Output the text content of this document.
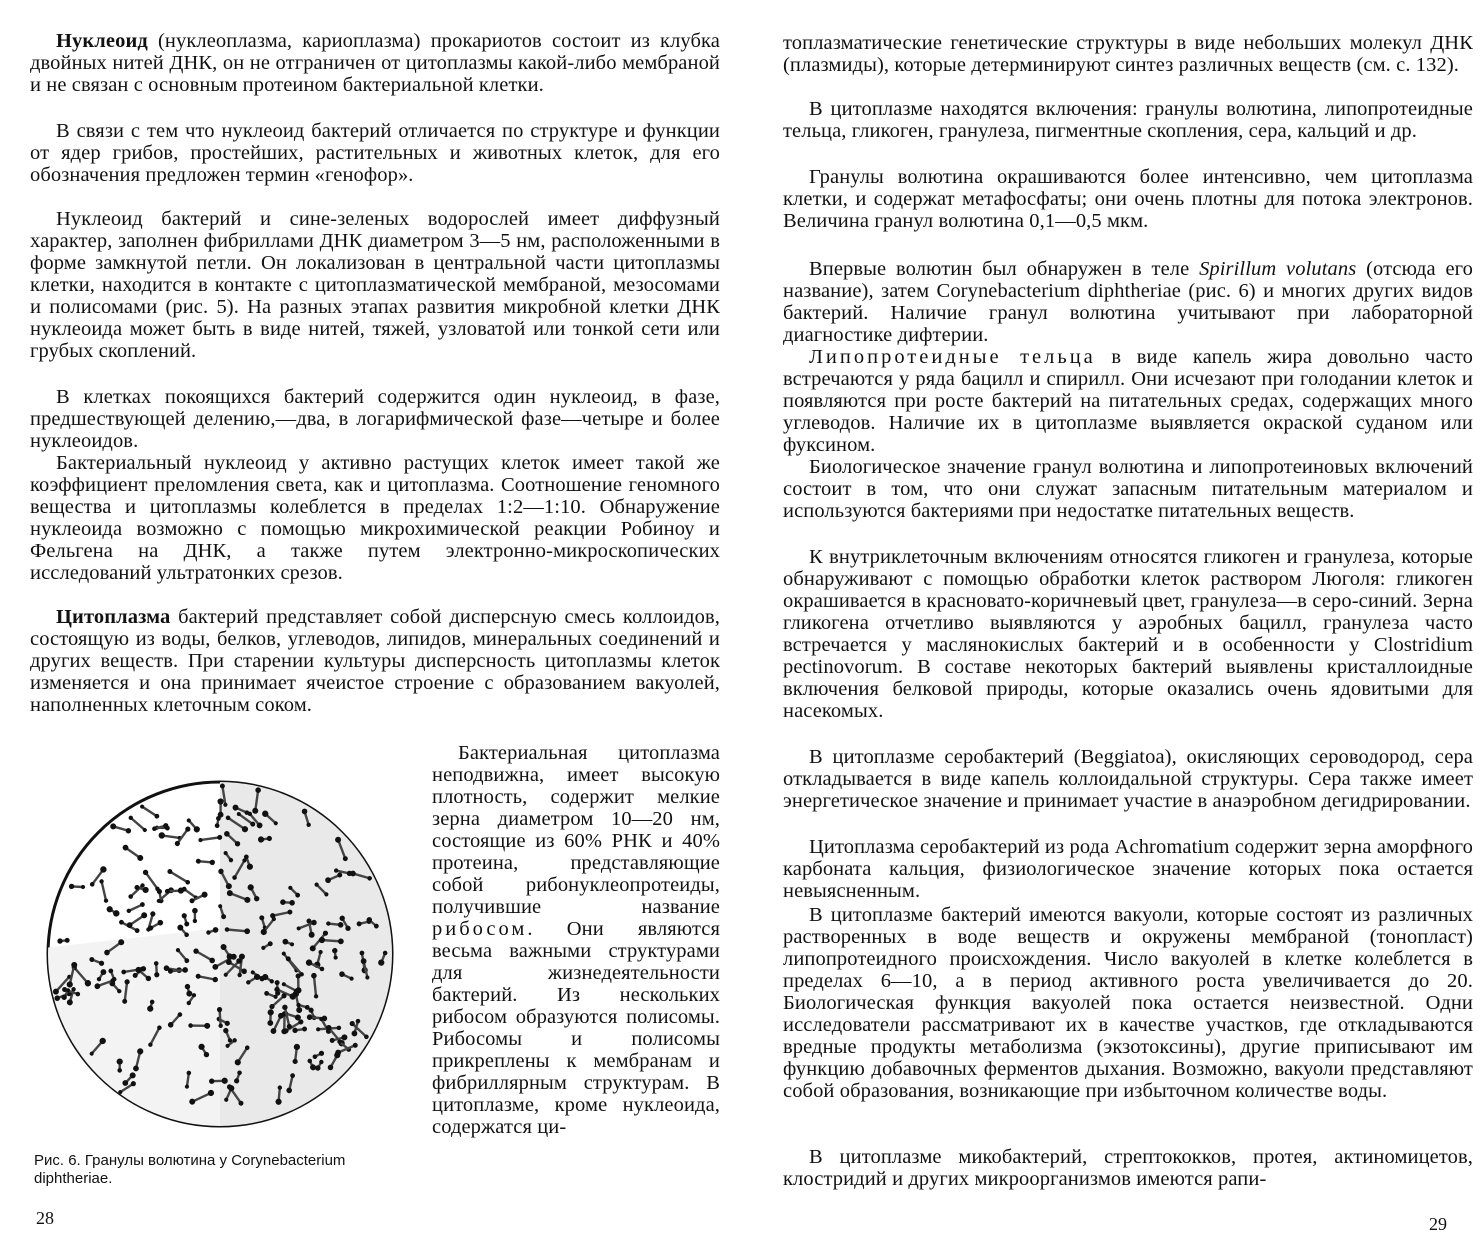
Нуклеоид (нуклеоплазма, кариоплазма) прокариотов состоит из клубка двойных нитей ДНК, он не отграничен от цитоплазмы какой-либо мембраной и не связан с основным протеином бактериальной клетки.

В связи с тем что нуклеоид бактерий отличается по структуре и функции от ядер грибов, простейших, растительных и животных клеток, для его обозначения предложен термин «генофор».

Нуклеоид бактерий и сине-зеленых водорослей имеет диффузный характер, заполнен фибриллами ДНК диаметром 3—5 нм, расположенными в форме замкнутой петли. Он локализован в центральной части цитоплазмы клетки, находится в контакте с цитоплазматической мембраной, мезосомами и полисомами (рис. 5). На разных этапах развития микробной клетки ДНК нуклеоида может быть в виде нитей, тяжей, узловатой или тонкой сети или грубых скоплений.

В клетках покоящихся бактерий содержится один нуклеоид, в фазе, предшествующей делению,—два, в логарифмической фазе—четыре и более нуклеоидов.

Бактериальный нуклеоид у активно растущих клеток имеет такой же коэффициент преломления света, как и цитоплазма. Соотношение геномного вещества и цитоплазмы колеблется в пределах 1:2—1:10. Обнаружение нуклеоида возможно с помощью микрохимической реакции Робиноу и Фельгена на ДНК, а также путем электронно-микроскопических исследований ультратонких срезов.

Цитоплазма бактерий представляет собой дисперсную смесь коллоидов, состоящую из воды, белков, углеводов, липидов, минеральных соединений и других веществ. При старении культуры дисперсность цитоплазмы клеток изменяется и она принимает ячеистое строение с образованием вакуолей, наполненных клеточным соком.

Бактериальная цитоплазма неподвижна, имеет высокую плотность, содержит мелкие зерна диаметром 10—20 нм, состоящие из 60% РНК и 40% протеина, представляющие собой рибонуклеопротеиды, получившие название рибосом. Они являются весьма важными структурами для жизнедеятельности бактерий. Из нескольких рибосом образуются полисомы. Рибосомы и полисомы прикреплены к мембранам и фибриллярным структурам. В цитоплазме, кроме нуклеоида, содержатся ци-

Рис. 6. Гранулы волютина у Corynebacterium diphtheriae.
28

топлазматические генетические структуры в виде небольших молекул ДНК (плазмиды), которые детерминируют синтез различных веществ (см. с. 132).

В цитоплазме находятся включения: гранулы волютина, липопротеидные тельца, гликоген, гранулеза, пигментные скопления, сера, кальций и др.

Гранулы волютина окрашиваются более интенсивно, чем цитоплазма клетки, и содержат метафосфаты; они очень плотны для потока электронов. Величина гранул волютина 0,1—0,5 мкм.

Впервые волютин был обнаружен в теле Spirillum volutans (отсюда его название), затем Corynebacterium diphtheriae (рис. 6) и многих других видов бактерий. Наличие гранул волютина учитывают при лабораторной диагностике дифтерии.

Липопротеидные тельца в виде капель жира довольно часто встречаются у ряда бацилл и спирилл. Они исчезают при голодании клеток и появляются при росте бактерий на питательных средах, содержащих много углеводов. Наличие их в цитоплазме выявляется окраской суданом или фуксином.

Биологическое значение гранул волютина и липопротеиновых включений состоит в том, что они служат запасным питательным материалом и используются бактериями при недостатке питательных веществ.

К внутриклеточным включениям относятся гликоген и гранулеза, которые обнаруживают с помощью обработки клеток раствором Люголя: гликоген окрашивается в красновато-коричневый цвет, гранулеза—в серо-синий. Зерна гликогена отчетливо выявляются у аэробных бацилл, гранулеза часто встречается у маслянокислых бактерий и в особенности у Clostridium pectinovorum. В составе некоторых бактерий выявлены кристаллоидные включения белковой природы, которые оказались очень ядовитыми для насекомых.

В цитоплазме серобактерий (Beggiatoa), окисляющих сероводород, сера откладывается в виде капель коллоидальной структуры. Сера также имеет энергетическое значение и принимает участие в анаэробном дегидрировании.

Цитоплазма серобактерий из рода Achromatium содержит зерна аморфного карбоната кальция, физиологическое значение которых пока остается невыясненным.

В цитоплазме бактерий имеются вакуоли, которые состоят из различных растворенных в воде веществ и окружены мембраной (тонопласт) липопротеидного происхождения. Число вакуолей в клетке колеблется в пределах 6—10, а в период активного роста увеличивается до 20. Биологическая функция вакуолей пока остается неизвестной. Одни исследователи рассматривают их в качестве участков, где откладываются вредные продукты метаболизма (экзотоксины), другие приписывают им функцию добавочных ферментов дыхания. Возможно, вакуоли представляют собой образования, возникающие при избыточном количестве воды.

В цитоплазме микобактерий, стрептококков, протея, актиномицетов, клостридий и других микроорганизмов имеются рапи-

29
